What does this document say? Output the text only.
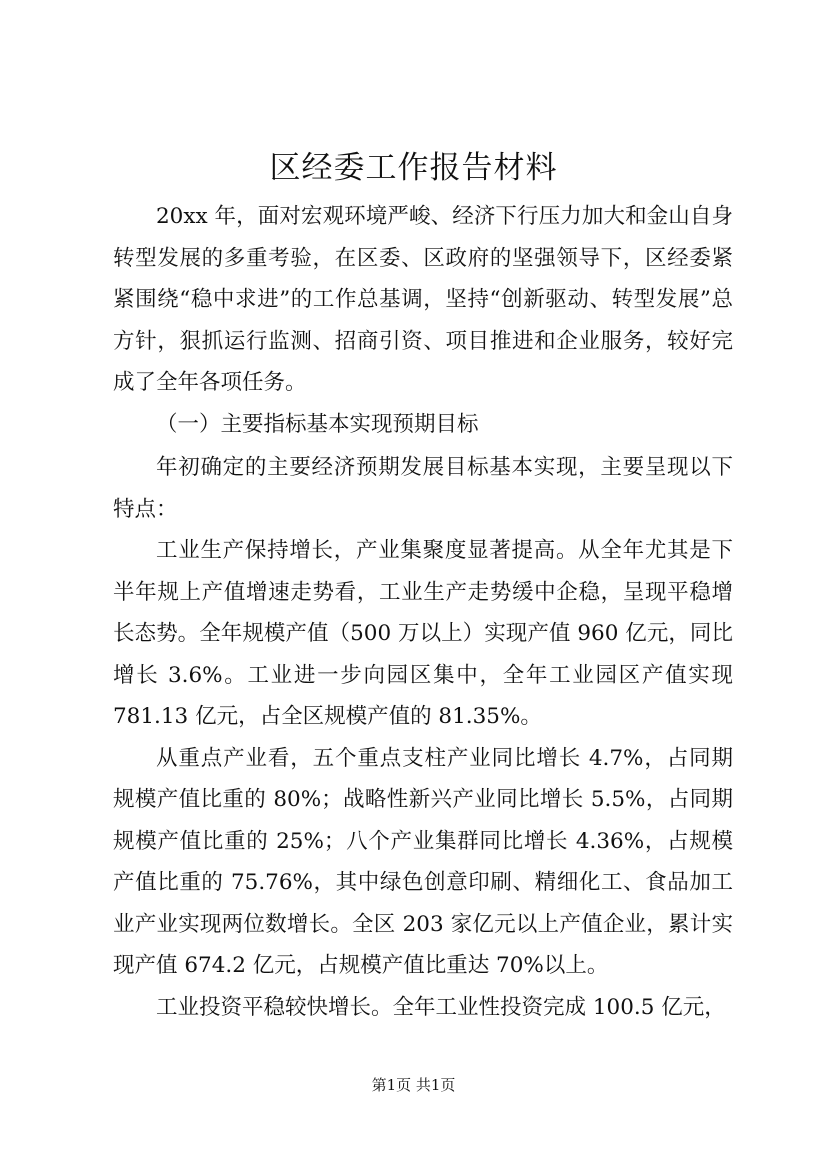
区经委工作报告材料

20xx 年，面对宏观环境严峻、经济下行压力加大和金山自身转型发展的多重考验，在区委、区政府的坚强领导下，区经委紧紧围绕“稳中求进”的工作总基调，坚持“创新驱动、转型发展”总方针，狠抓运行监测、招商引资、项目推进和企业服务，较好完成了全年各项任务。

（一）主要指标基本实现预期目标

年初确定的主要经济预期发展目标基本实现，主要呈现以下特点：

工业生产保持增长，产业集聚度显著提高。从全年尤其是下半年规上产值增速走势看，工业生产走势缓中企稳，呈现平稳增长态势。全年规模产值（500 万以上）实现产值 960 亿元，同比增长 3.6%。工业进一步向园区集中，全年工业园区产值实现781.13 亿元，占全区规模产值的 81.35%。

从重点产业看，五个重点支柱产业同比增长 4.7%，占同期规模产值比重的 80%；战略性新兴产业同比增长 5.5%，占同期规模产值比重的 25%；八个产业集群同比增长 4.36%，占规模产值比重的 75.76%，其中绿色创意印刷、精细化工、食品加工业产业实现两位数增长。全区 203 家亿元以上产值企业，累计实现产值 674.2 亿元，占规模产值比重达 70%以上。

工业投资平稳较快增长。全年工业性投资完成 100.5 亿元，

第1页 共1页
